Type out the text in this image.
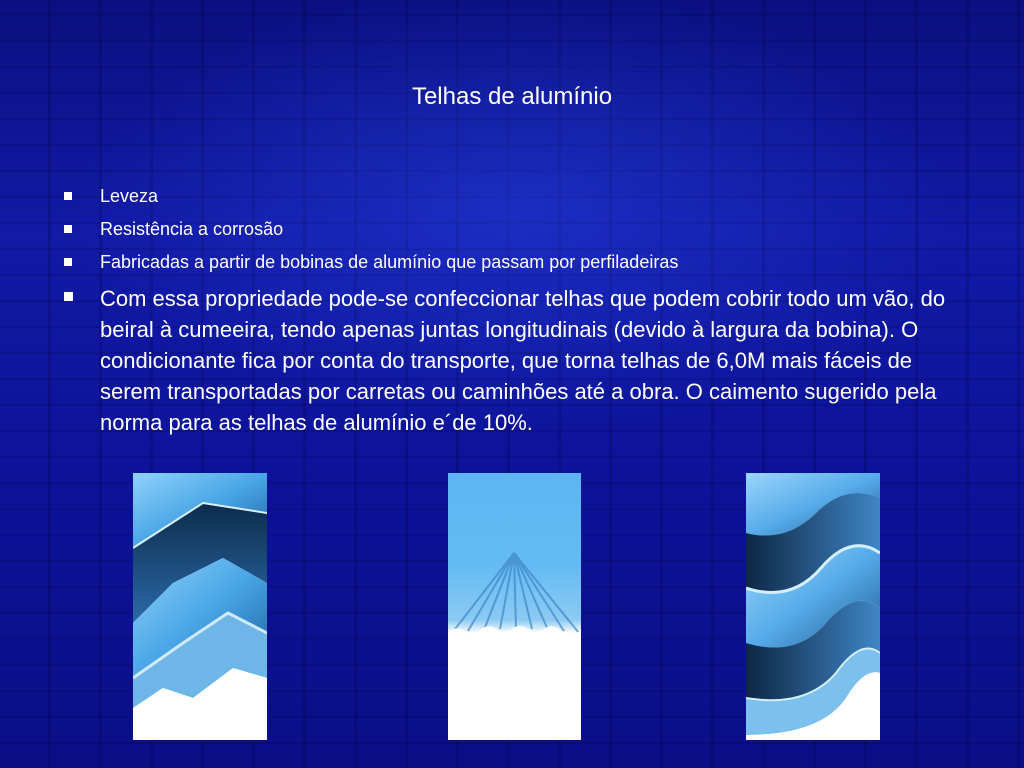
Telhas de alumínio
Leveza
Resistência a corrosão
Fabricadas a partir de bobinas de alumínio que passam por perfiladeiras
Com essa propriedade pode-se confeccionar telhas que podem cobrir todo um vão, do beiral à cumeeira, tendo apenas juntas longitudinais (devido à largura da bobina). O condicionante fica por conta do transporte, que torna telhas de 6,0M mais fáceis de serem transportadas por carretas ou caminhões até a obra. O caimento sugerido pela norma para as telhas de alumínio e´de 10%.
